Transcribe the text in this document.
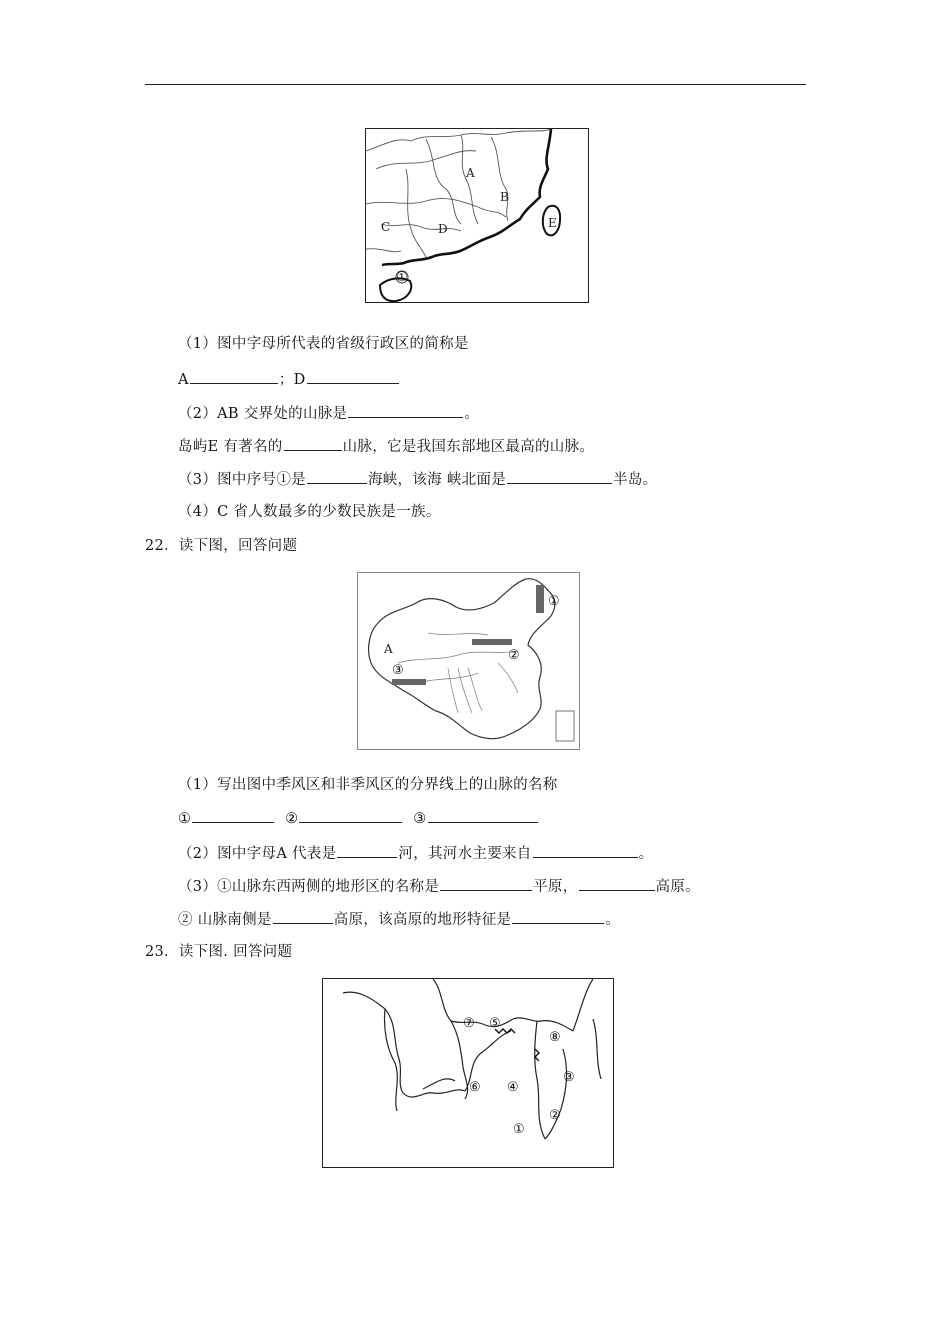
A
B
C	D	E
①
（1）图中字母所代表的省级行政区的简称是
A	；D
（2）AB 交界处的山脉是	。
岛屿E 有著名的	山脉，它是我国东部地区最高的山脉。
（3）图中序号①是	海峡，该海 峡北面是	半岛。
（4）C 省人数最多的少数民族是一族。
22．读下图，回答问题
A
①
②
③
（1）写出图中季风区和非季风区的分界线上的山脉的名称
①	②	③
（2）图中字母A 代表是	河，其河水主要来自	。
（3）①山脉东西两侧的地形区的名称是	平原，	高原。
② 山脉南侧是	高原，该高原的地形特征是	。
23．读下图. 回答问题
⑦ ⑤
⑧
③
⑥ ④
②
①
